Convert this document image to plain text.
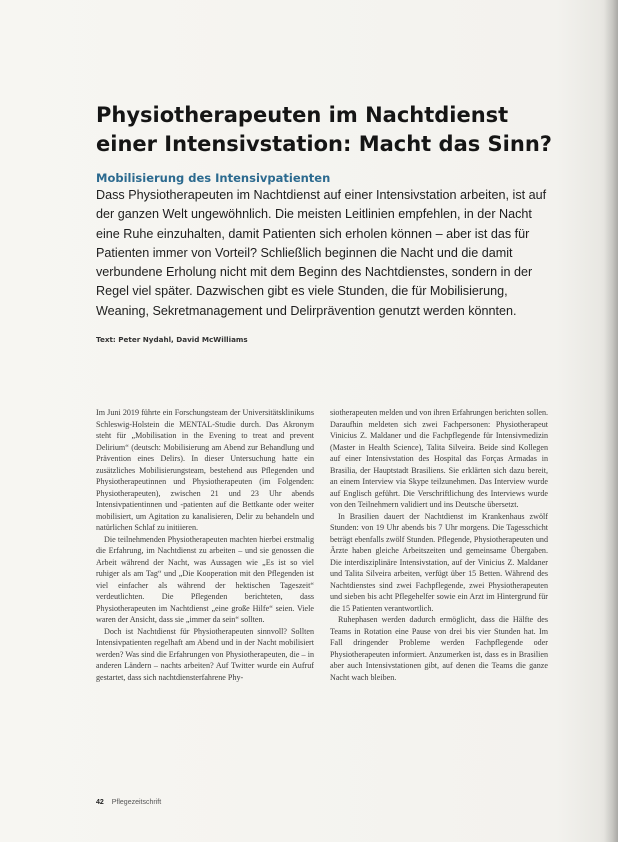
Physiotherapeuten im Nachtdienst
einer Intensivstation: Macht das Sinn?
Mobilisierung des Intensivpatienten
Dass Physiotherapeuten im Nachtdienst auf einer Intensivstation arbeiten, ist auf der ganzen Welt ungewöhnlich. Die meisten Leitlinien empfehlen, in der Nacht eine Ruhe einzuhalten, damit Patienten sich erholen können – aber ist das für Patienten immer von Vorteil? Schließlich beginnen die Nacht und die damit verbundene Erholung nicht mit dem Beginn des Nachtdienstes, sondern in der Regel viel später. Dazwischen gibt es viele Stunden, die für Mobilisierung, Weaning, Sekretmanagement und Delirprävention genutzt werden könnten.
Text: Peter Nydahl, David McWilliams

Im Juni 2019 führte ein Forschungsteam der Universitätsklinikums Schleswig-Holstein die MENTAL-Studie durch. Das Akronym steht für „Mobilisation in the Evening to treat and prevent Delirium“ (deutsch: Mobilisierung am Abend zur Behandlung und Prävention eines Delirs). In dieser Untersuchung hatte ein zusätzliches Mobilisierungsteam, bestehend aus Pflegenden und Physiotherapeutinnen und Physiotherapeuten (im Folgenden: Physiotherapeuten), zwischen 21 und 23 Uhr abends Intensivpatientinnen und -patienten auf die Bettkante oder weiter mobilisiert, um Agitation zu kanalisieren, Delir zu behandeln und natürlichen Schlaf zu initiieren.

Die teilnehmenden Physiotherapeuten machten hierbei erstmalig die Erfahrung, im Nachtdienst zu arbeiten – und sie genossen die Arbeit während der Nacht, was Aussagen wie „Es ist so viel ruhiger als am Tag“ und „Die Kooperation mit den Pflegenden ist viel einfacher als während der hektischen Tageszeit“ verdeutlichten. Die Pflegenden berichteten, dass Physiotherapeuten im Nachtdienst „eine große Hilfe“ seien. Viele waren der Ansicht, dass sie „immer da sein“ sollten.

Doch ist Nachtdienst für Physiotherapeuten sinnvoll? Sollten Intensivpatienten regelhaft am Abend und in der Nacht mobilisiert werden? Was sind die Erfahrungen von Physiotherapeuten, die – in anderen Ländern – nachts arbeiten? Auf Twitter wurde ein Aufruf gestartet, dass sich nachtdiensterfahrene Phy-

siotherapeuten melden und von ihren Erfahrungen berichten sollen. Daraufhin meldeten sich zwei Fachpersonen: Physiotherapeut Vinicius Z. Maldaner und die Fachpflegende für Intensivmedizin (Master in Health Science), Talita Silveira. Beide sind Kollegen auf einer Intensivstation des Hospital das Forças Armadas in Brasilia, der Hauptstadt Brasiliens. Sie erklärten sich dazu bereit, an einem Interview via Skype teilzunehmen. Das Interview wurde auf Englisch geführt. Die Verschriftlichung des Interviews wurde von den Teilnehmern validiert und ins Deutsche übersetzt.

In Brasilien dauert der Nachtdienst im Krankenhaus zwölf Stunden: von 19 Uhr abends bis 7 Uhr morgens. Die Tagesschicht beträgt ebenfalls zwölf Stunden. Pflegende, Physiotherapeuten und Ärzte haben gleiche Arbeitszeiten und gemeinsame Übergaben. Die interdisziplinäre Intensivstation, auf der Vinicius Z. Maldaner und Talita Silveira arbeiten, verfügt über 15 Betten. Während des Nachtdienstes sind zwei Fachpflegende, zwei Physiotherapeuten und sieben bis acht Pflegehelfer sowie ein Arzt im Hintergrund für die 15 Patienten verantwortlich.

Ruhephasen werden dadurch ermöglicht, dass die Hälfte des Teams in Rotation eine Pause von drei bis vier Stunden hat. Im Fall dringender Probleme werden Fachpflegende oder Physiotherapeuten informiert. Anzumerken ist, dass es in Brasilien aber auch Intensivstationen gibt, auf denen die Teams die ganze Nacht wach bleiben.

42 Pflegezeitschrift
